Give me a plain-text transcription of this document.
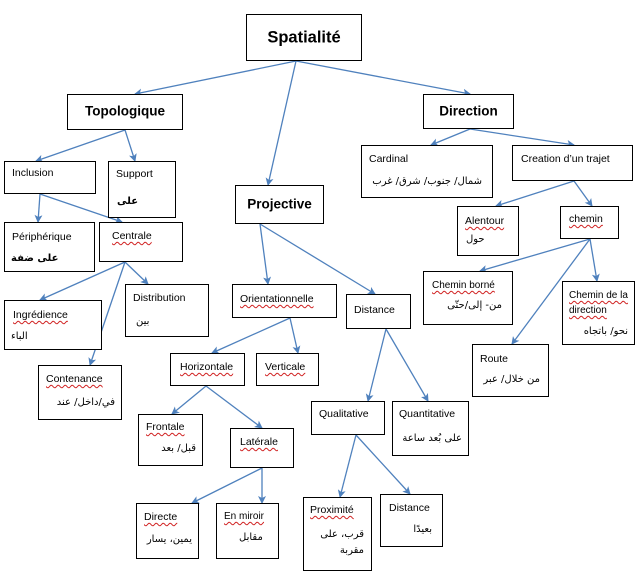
Spatialité
Topologique	Direction
Projective
Inclusion	Support
على
Périphérique
على ضفة
Centrale
Distribution
بين
Ingrédience
الباء
Contenance
في/داخل/ عند
Orientationnelle
Distance
Horizontale	Verticale
Frontale
قبل/ بعد	Latérale
Directe
يمين، يسار
En miroir
مقابل
Qualitative	Quantitative
على بُعد ساعة
Proximité
قرب، على مقربة
Distance
بعيدًا
Cardinal
شمال/ جنوب/ شرق/ غرب
Creation d’un trajet
Alentour
حول
chemin
Chemin borné
من- إلى/حتّى
Chemin de la direction
نحو/ باتجاه
Route
من خلال/ عبر
